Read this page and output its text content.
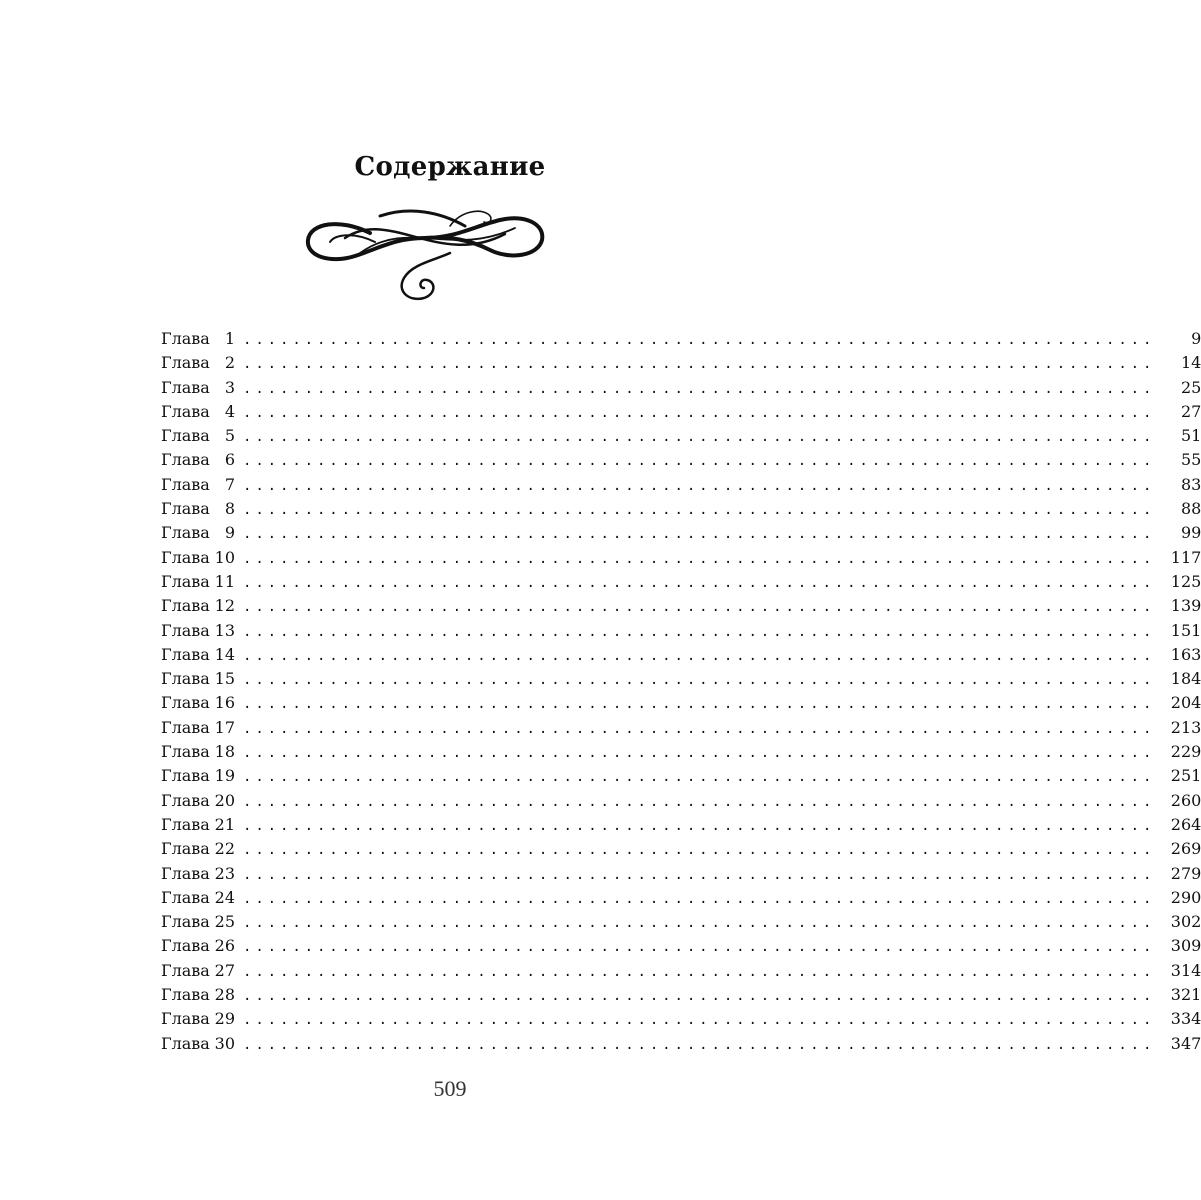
Содержание
Глава 1 ..........................................................................	9
Глава 2 ..........................................................................	14
Глава 3 ..........................................................................	25
Глава 4 ..........................................................................	27
Глава 5 ..........................................................................	51
Глава 6 ..........................................................................	55
Глава 7 ..........................................................................	83
Глава 8 ..........................................................................	88
Глава 9 ..........................................................................	99
Глава 10 .......................................................................... 117
Глава 11 .......................................................................... 125
Глава 12 .......................................................................... 139
Глава 13 .......................................................................... 151
Глава 14 .......................................................................... 163
Глава 15 .......................................................................... 184
Глава 16 .......................................................................... 204
Глава 17 .......................................................................... 213
Глава 18 .......................................................................... 229
Глава 19 .......................................................................... 251
Глава 20 .......................................................................... 260
Глава 21 .......................................................................... 264
Глава 22 .......................................................................... 269
Глава 23 .......................................................................... 279
Глава 24 .......................................................................... 290
Глава 25 .......................................................................... 302
Глава 26 .......................................................................... 309
Глава 27 .......................................................................... 314
Глава 28 .......................................................................... 321
Глава 29 .......................................................................... 334
Глава 30 .......................................................................... 347
509
